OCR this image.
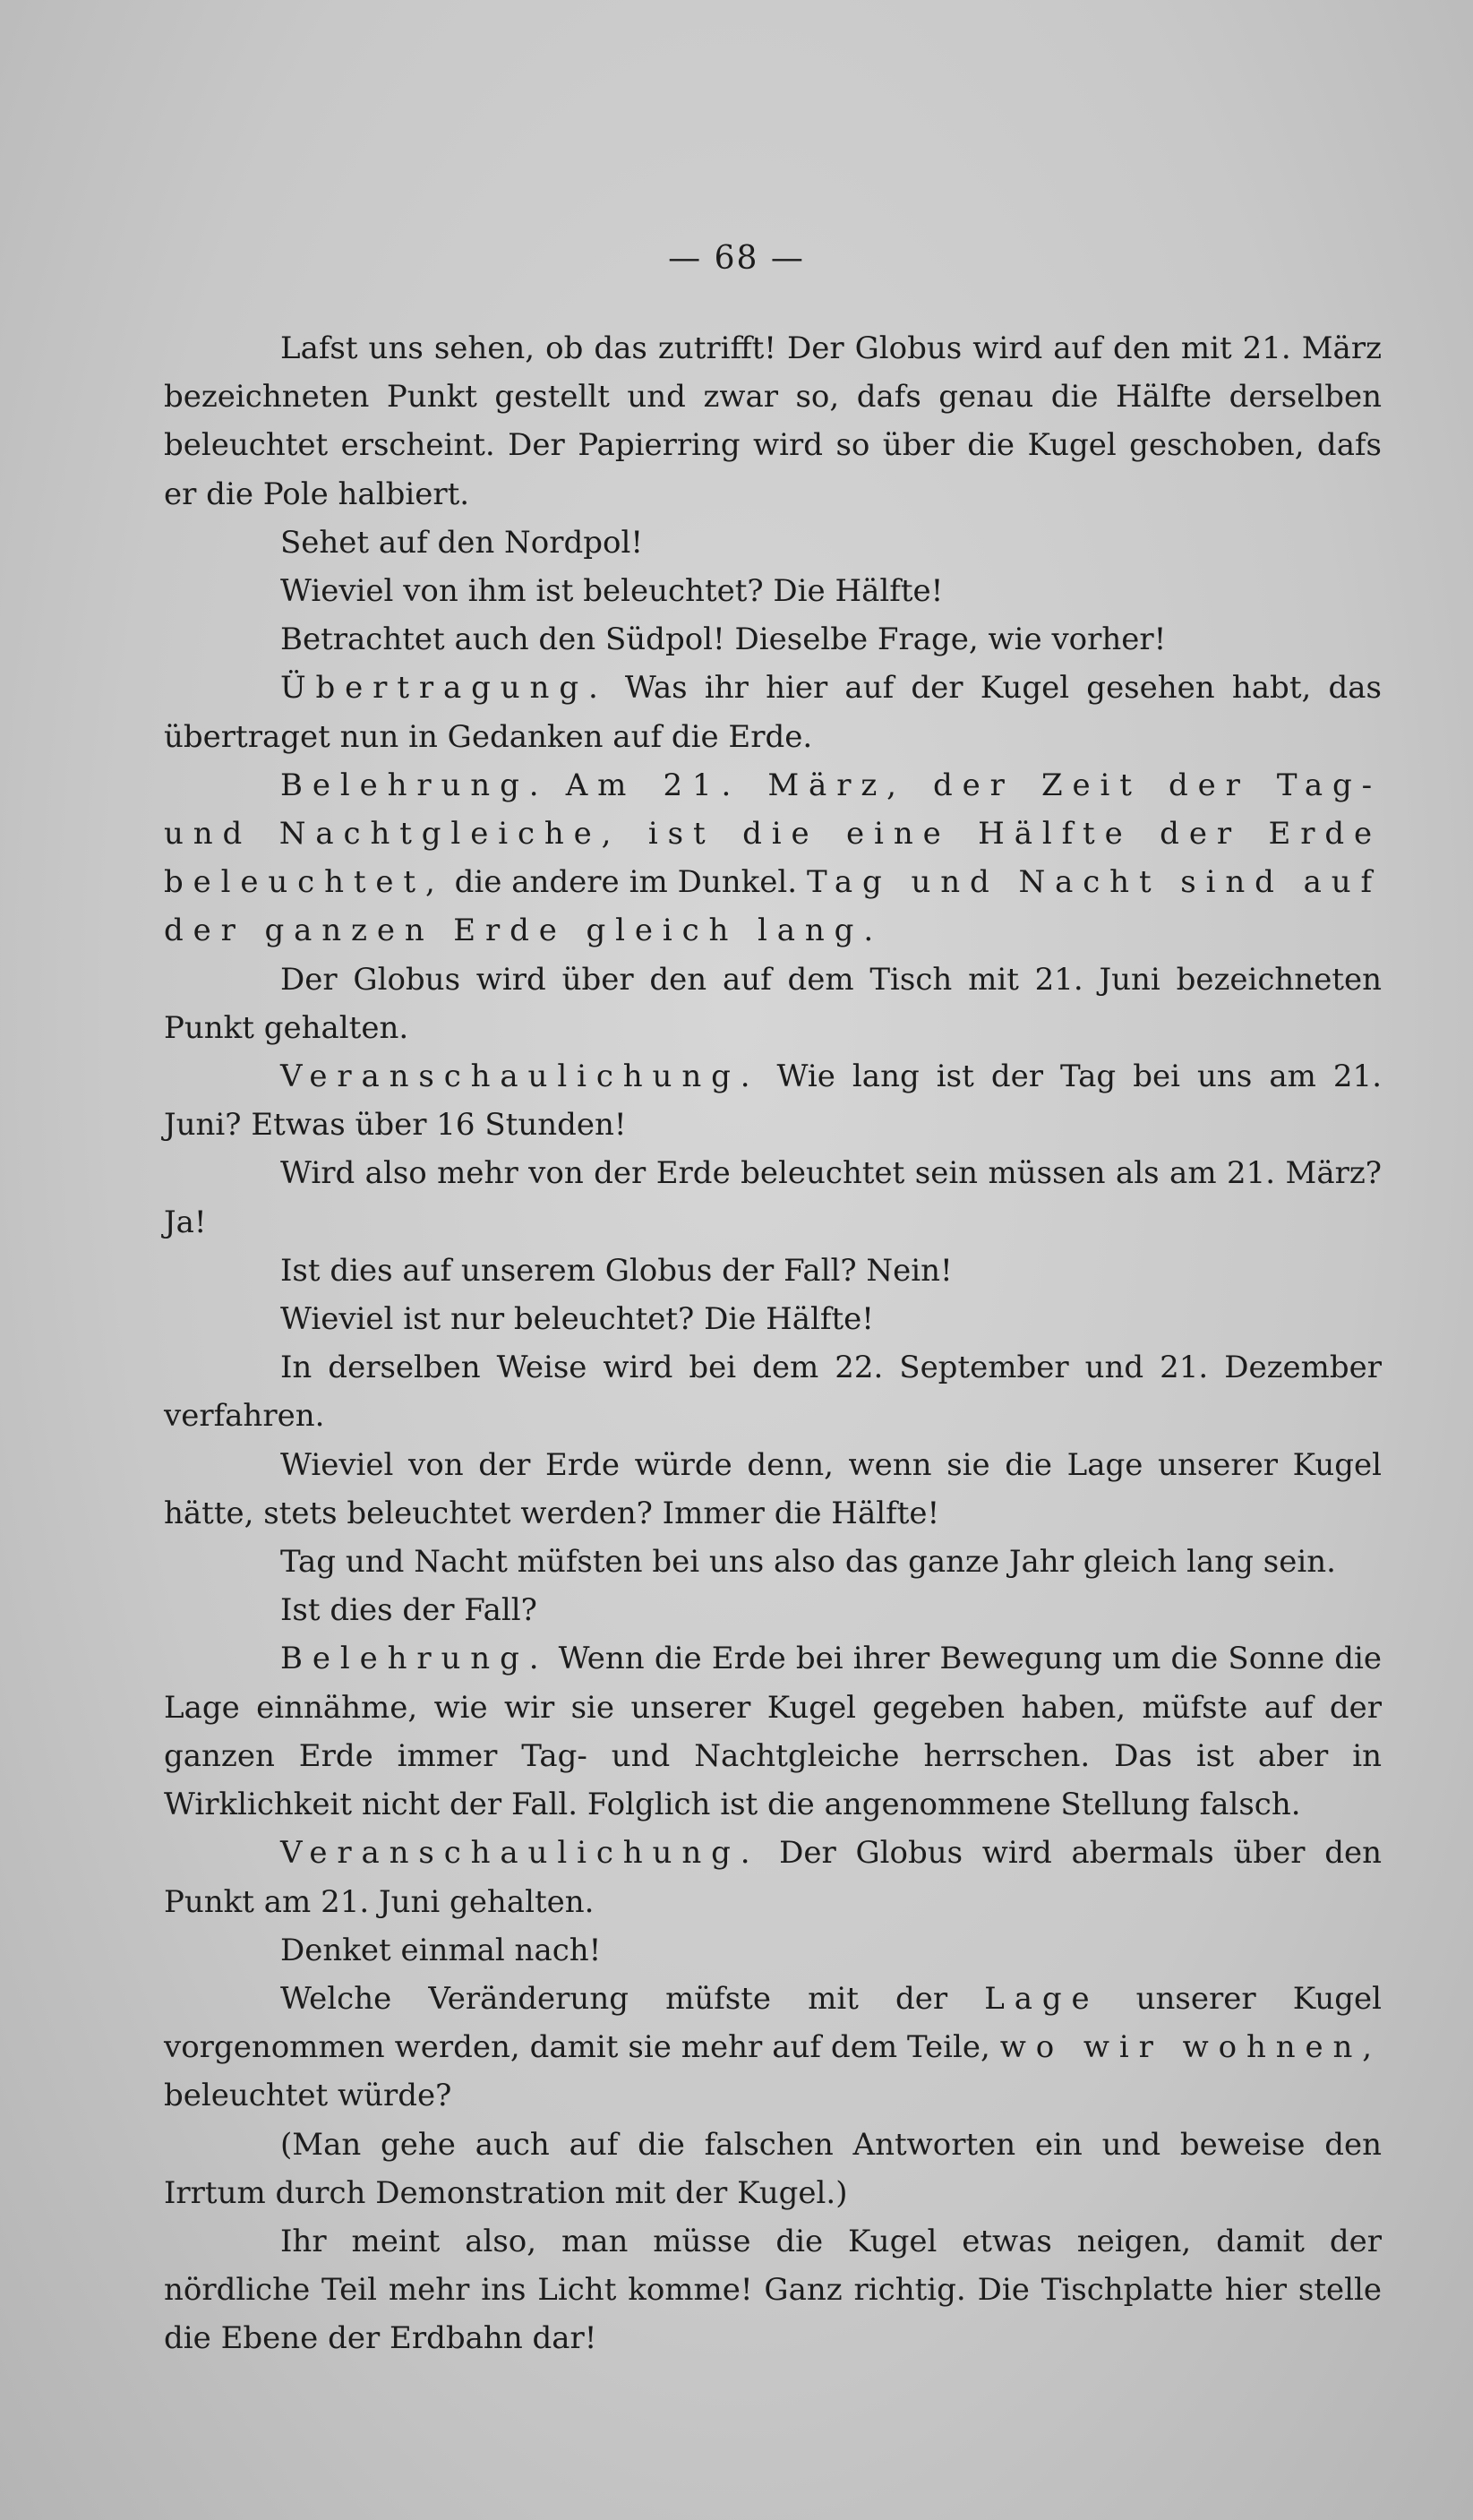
— 68 —

Lafst uns sehen, ob das zutrifft! Der Globus wird auf den mit 21. März bezeichneten Punkt gestellt und zwar so, dafs genau die Hälfte derselben beleuchtet erscheint. Der Papierring wird so über die Kugel geschoben, dafs er die Pole halbiert.

Sehet auf den Nordpol!

Wieviel von ihm ist beleuchtet? Die Hälfte!

Betrachtet auch den Südpol! Dieselbe Frage, wie vorher!

Übertragung. Was ihr hier auf der Kugel gesehen habt, das übertraget nun in Gedanken auf die Erde.

Belehrung. Am 21. März, der Zeit der Tag- und Nachtgleiche, ist die eine Hälfte der Erde beleuchtet, die andere im Dunkel. Tag und Nacht sind auf der ganzen Erde gleich lang.

Der Globus wird über den auf dem Tisch mit 21. Juni bezeichneten Punkt gehalten.

Veranschaulichung. Wie lang ist der Tag bei uns am 21. Juni? Etwas über 16 Stunden!

Wird also mehr von der Erde beleuchtet sein müssen als am 21. März? Ja!

Ist dies auf unserem Globus der Fall? Nein!

Wieviel ist nur beleuchtet? Die Hälfte!

In derselben Weise wird bei dem 22. September und 21. Dezember verfahren.

Wieviel von der Erde würde denn, wenn sie die Lage unserer Kugel hätte, stets beleuchtet werden? Immer die Hälfte!

Tag und Nacht müfsten bei uns also das ganze Jahr gleich lang sein.

Ist dies der Fall?

Belehrung. Wenn die Erde bei ihrer Bewegung um die Sonne die Lage einnähme, wie wir sie unserer Kugel gegeben haben, müfste auf der ganzen Erde immer Tag- und Nachtgleiche herrschen. Das ist aber in Wirklichkeit nicht der Fall. Folglich ist die angenommene Stellung falsch.

Veranschaulichung. Der Globus wird abermals über den Punkt am 21. Juni gehalten.

Denket einmal nach!

Welche Veränderung müfste mit der Lage unserer Kugel vorgenommen werden, damit sie mehr auf dem Teile, wo wir wohnen, beleuchtet würde?

(Man gehe auch auf die falschen Antworten ein und beweise den Irrtum durch Demonstration mit der Kugel.)

Ihr meint also, man müsse die Kugel etwas neigen, damit der nördliche Teil mehr ins Licht komme! Ganz richtig. Die Tischplatte hier stelle die Ebene der Erdbahn dar!
